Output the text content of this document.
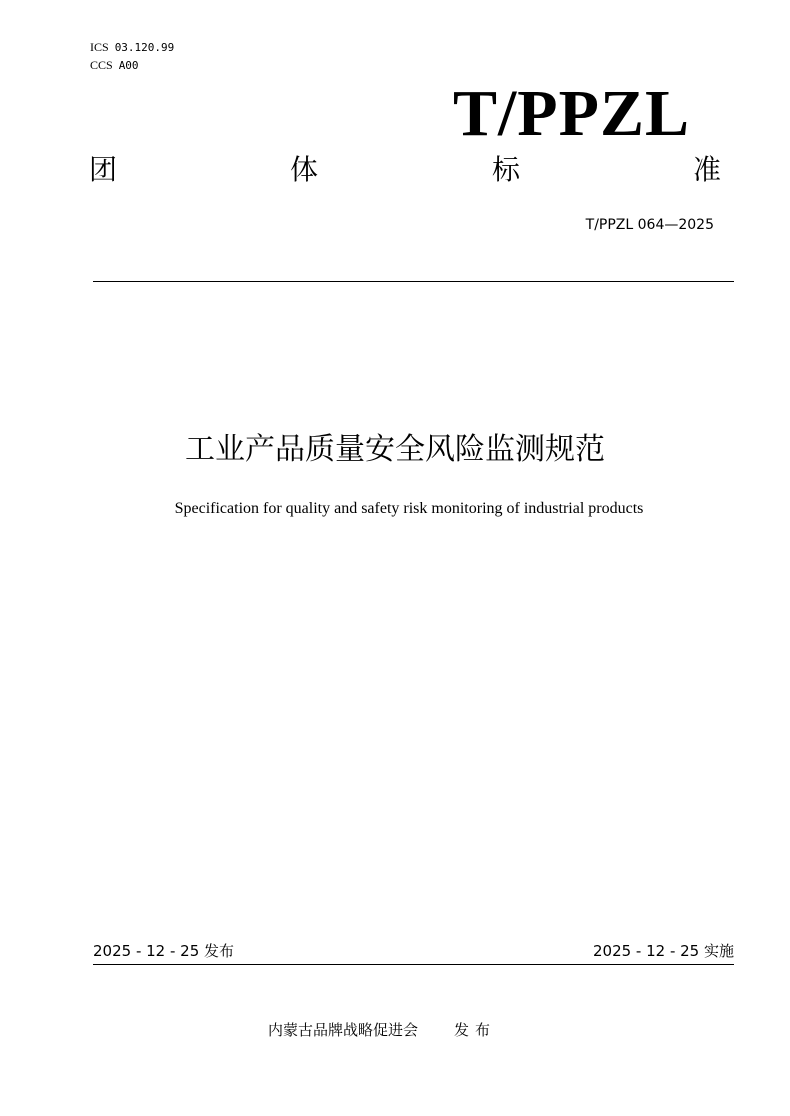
ICS 03.120.99
CCS A00
T/PPZL
团	体	标	准
T/PPZL 064—2025
工业产品质量安全风险监测规范
Specification for quality and safety risk monitoring of industrial products
2025 - 12 - 25 发布	2025 - 12 - 25 实施
内蒙古品牌战略促进会 发布
